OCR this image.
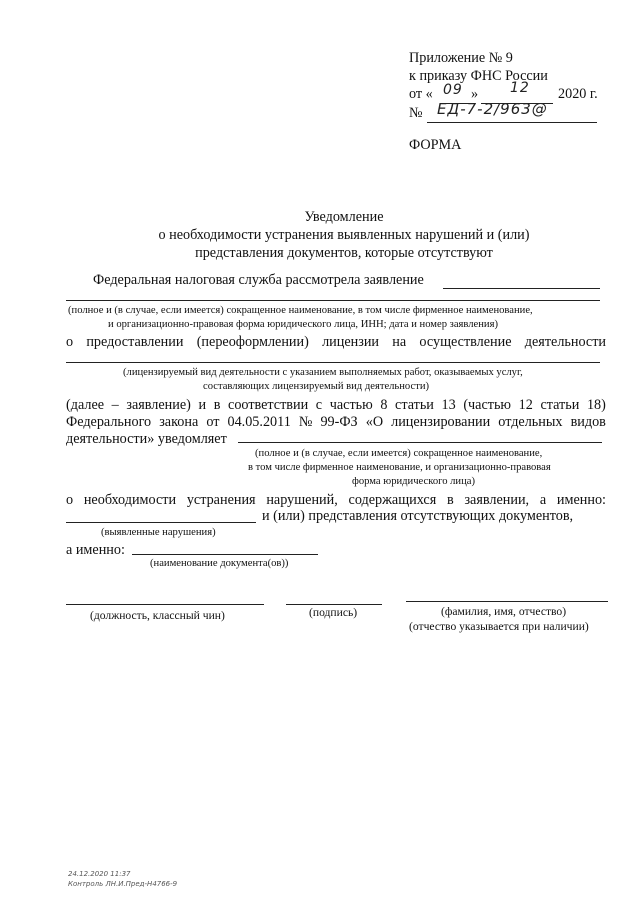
Приложение № 9
к приказу ФНС России
от « 09 » 12 2020 г.
№ ЕД-7-2/963@
ФОРМА
Уведомление
о необходимости устранения выявленных нарушений и (или)
представления документов, которые отсутствуют
Федеральная налоговая служба рассмотрела заявление
(полное и (в случае, если имеется) сокращенное наименование, в том числе фирменное наименование,
и организационно-правовая форма юридического лица, ИНН; дата и номер заявления)
о предоставлении (переоформлении) лицензии на осуществление деятельности
(лицензируемый вид деятельности с указанием выполняемых работ, оказываемых услуг,
составляющих лицензируемый вид деятельности)
(далее – заявление) и в соответствии с частью 8 статьи 13 (частью 12 статьи 18)
Федерального закона от 04.05.2011 № 99-ФЗ «О лицензировании отдельных видов
деятельности» уведомляет
(полное и (в случае, если имеется) сокращенное наименование,
в том числе фирменное наименование, и организационно-правовая
форма юридического лица)
о необходимости устранения нарушений, содержащихся в заявлении, а именно:
и (или) представления отсутствующих документов,
(выявленные нарушения)
а именно:
(наименование документа(ов))
(должность, классный чин)	(подпись)	(фамилия, имя, отчество)
(отчество указывается при наличии)
24.12.2020 11:37
Контроль ЛН.И.Пред-Н4766-9
